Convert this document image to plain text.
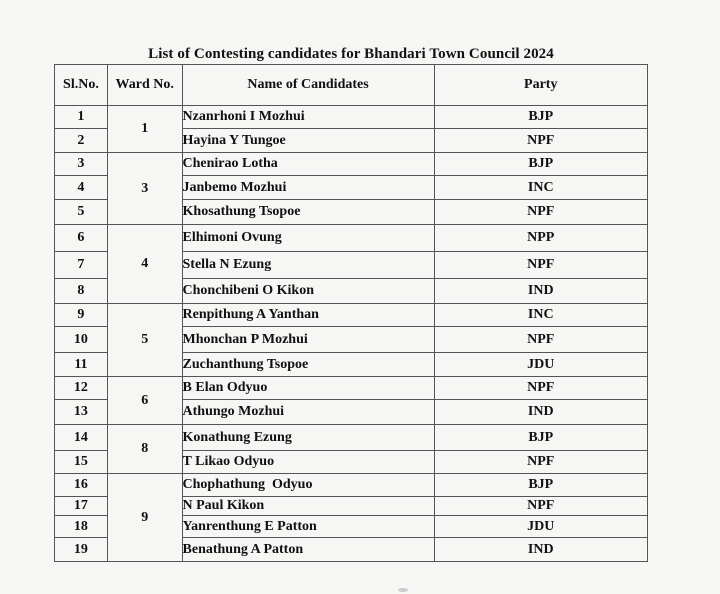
List of Contesting candidates for Bhandari Town Council 2024
Sl.No.	Ward No.	Name of Candidates	Party
1	1	Nzanrhoni I Mozhui	BJP
2		Hayina Y Tungoe	NPF
3	3	Chenirao Lotha	BJP
4		Janbemo Mozhui	INC
5		Khosathung Tsopoe	NPF
6	4	Elhimoni Ovung	NPP
7		Stella N Ezung	NPF
8		Chonchibeni O Kikon	IND
9	5	Renpithung A Yanthan	INC
10		Mhonchan P Mozhui	NPF
11		Zuchanthung Tsopoe	JDU
12	6	B Elan Odyuo	NPF
13		Athungo Mozhui	IND
14	8	Konathung Ezung	BJP
15		T Likao Odyuo	NPF
16	9	Chophathung  Odyuo	BJP
17		N Paul Kikon	NPF
18		Yanrenthung E Patton	JDU
19		Benathung A Patton	IND
